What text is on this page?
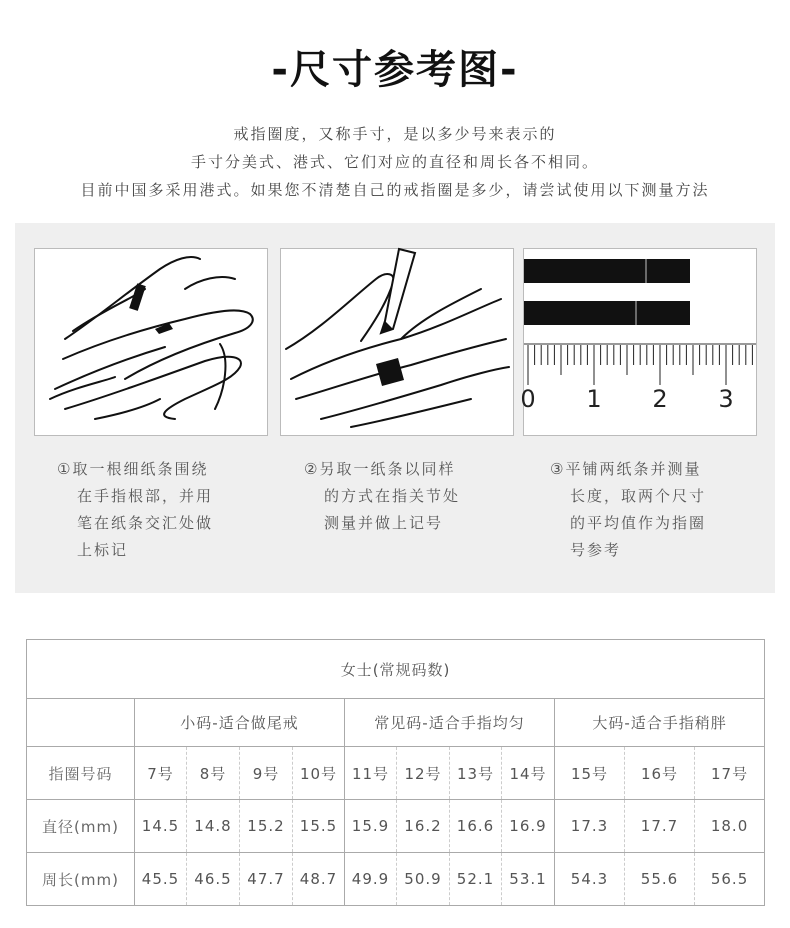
-尺寸参考图-
戒指圈度，又称手寸，是以多少号来表示的
手寸分美式、港式、它们对应的直径和周长各不相同。
目前中国多采用港式。如果您不清楚自己的戒指圈是多少，请尝试使用以下测量方法
0 1 2 3
①取一根细纸条围绕
在手指根部，并用
笔在纸条交汇处做
上标记
②另取一纸条以同样
的方式在指关节处
测量并做上记号
③平铺两纸条并测量
长度，取两个尺寸
的平均值作为指圈
号参考
女士(常规码数)											
	小码-适合做尾戒				常见码-适合手指均匀				大码-适合手指稍胖		
指圈号码	7号	8号	9号	10号	11号	12号	13号	14号	15号	16号	17号
直径(mm)	14.5	14.8	15.2	15.5	15.9	16.2	16.6	16.9	17.3	17.7	18.0
周长(mm)	45.5	46.5	47.7	48.7	49.9	50.9	52.1	53.1	54.3	55.6	56.5
